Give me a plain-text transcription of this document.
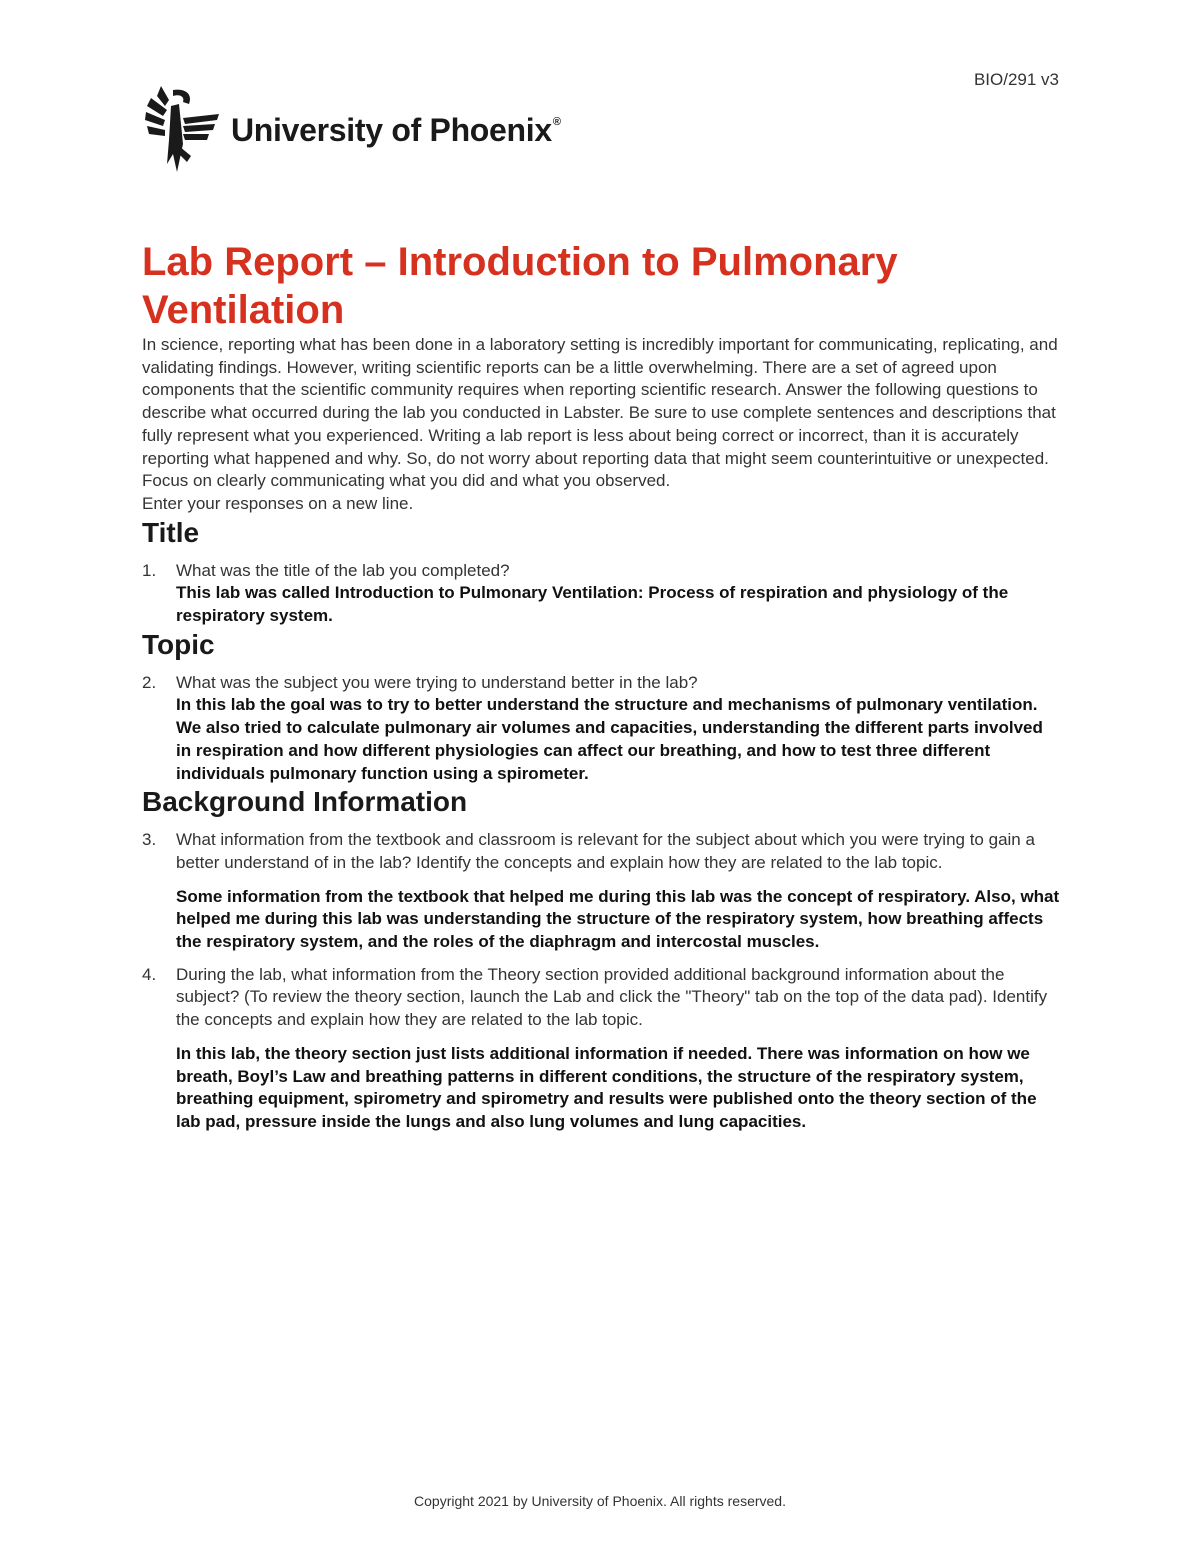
BIO/291 v3
University of Phoenix®
Lab Report – Introduction to Pulmonary Ventilation

In science, reporting what has been done in a laboratory setting is incredibly important for communicating, replicating, and validating findings. However, writing scientific reports can be a little overwhelming. There are a set of agreed upon components that the scientific community requires when reporting scientific research. Answer the following questions to describe what occurred during the lab you conducted in Labster. Be sure to use complete sentences and descriptions that fully represent what you experienced. Writing a lab report is less about being correct or incorrect, than it is accurately reporting what happened and why. So, do not worry about reporting data that might seem counterintuitive or unexpected. Focus on clearly communicating what you did and what you observed.

Enter your responses on a new line.

Title
1.	What was the title of the lab you completed?
This lab was called Introduction to Pulmonary Ventilation: Process of respiration and physiology of the respiratory system.
Topic
2.	What was the subject you were trying to understand better in the lab?
In this lab the goal was to try to better understand the structure and mechanisms of pulmonary ventilation. We also tried to calculate pulmonary air volumes and capacities, understanding the different parts involved in respiration and how different physiologies can affect our breathing, and how to test three different individuals pulmonary function using a spirometer.
Background Information
3.	What information from the textbook and classroom is relevant for the subject about which you were trying to gain a better understand of in the lab? Identify the concepts and explain how they are related to the lab topic.
Some information from the textbook that helped me during this lab was the concept of respiratory. Also, what helped me during this lab was understanding the structure of the respiratory system, how breathing affects the respiratory system, and the roles of the diaphragm and intercostal muscles.
4.	During the lab, what information from the Theory section provided additional background information about the subject? (To review the theory section, launch the Lab and click the "Theory" tab on the top of the data pad). Identify the concepts and explain how they are related to the lab topic.
In this lab, the theory section just lists additional information if needed. There was information on how we breath, Boyl’s Law and breathing patterns in different conditions, the structure of the respiratory system, breathing equipment, spirometry and spirometry and results were published onto the theory section of the lab pad, pressure inside the lungs and also lung volumes and lung capacities.
Copyright 2021 by University of Phoenix. All rights reserved.
